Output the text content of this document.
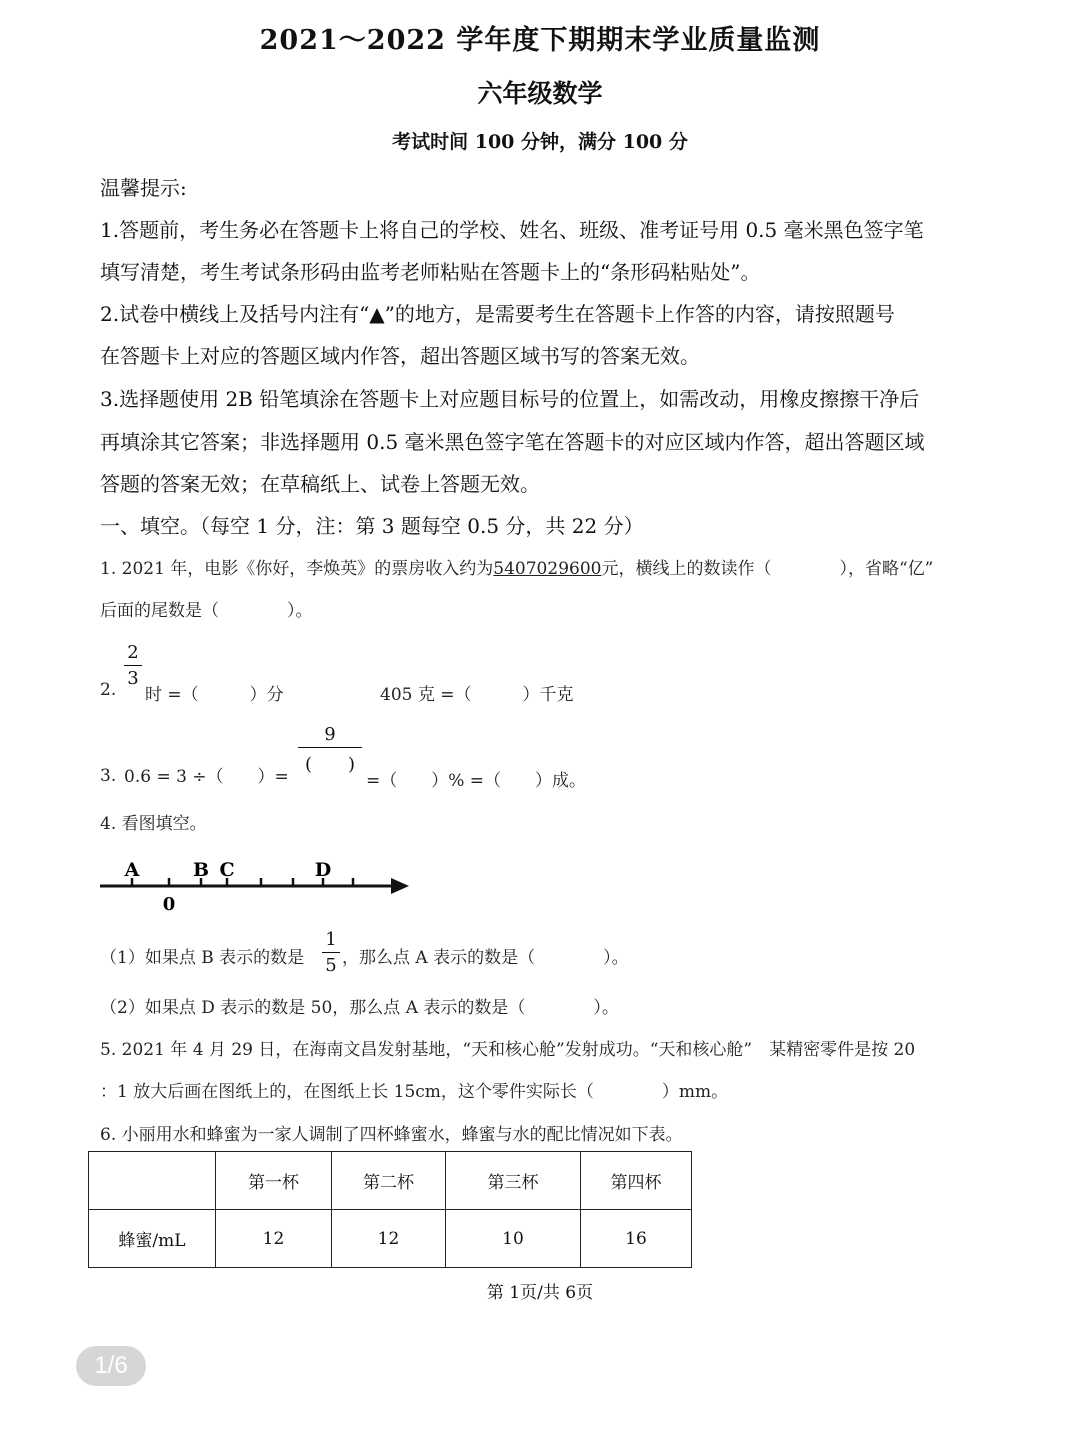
2021～2022 学年度下期期末学业质量监测
六年级数学
考试时间 100 分钟，满分 100 分
温馨提示:
1.答题前，考生务必在答题卡上将自己的学校、姓名、班级、准考证号用 0.5 毫米黑色签字笔
填写清楚，考生考试条形码由监考老师粘贴在答题卡上的“条形码粘贴处”。
2.试卷中横线上及括号内注有“▲”的地方，是需要考生在答题卡上作答的内容，请按照题号
在答题卡上对应的答题区域内作答，超出答题区域书写的答案无效。
3.选择题使用 2B 铅笔填涂在答题卡上对应题目标号的位置上，如需改动，用橡皮擦擦干净后
再填涂其它答案；非选择题用 0.5 毫米黑色签字笔在答题卡的对应区域内作答，超出答题区域
答题的答案无效；在草稿纸上、试卷上答题无效。
一、填空。（每空 1 分，注：第 3 题每空 0.5 分，共 22 分）
1. 2021 年，电影《你好，李焕英》的票房收入约为5407029600元，横线上的数读作（　　　　），省略“亿”
后面的尾数是（　　　　）。
2.
2
3
时 =（　　　）分	405 克 =（　　　）千克
3. 0.6 = 3 ÷（　　）=
9
(　　)
=（　　）% =（　　）成。
4. 看图填空。
A	B C	D
0
（1）如果点 B 表示的数是
1
5 ，那么点 A 表示的数是（　　　　）。
（2）如果点 D 表示的数是 50，那么点 A 表示的数是（　　　　）。
5. 2021 年 4 月 29 日，在海南文昌发射基地，“天和核心舱”发射成功。“天和核心舱”　某精密零件是按 20
：1 放大后画在图纸上的，在图纸上长 15cm，这个零件实际长（　　　　）mm。
6. 小丽用水和蜂蜜为一家人调制了四杯蜂蜜水，蜂蜜与水的配比情况如下表。
	第一杯	第二杯	第三杯	第四杯
蜂蜜/mL	12	12	10	16
第 1页/共 6页
1/6
